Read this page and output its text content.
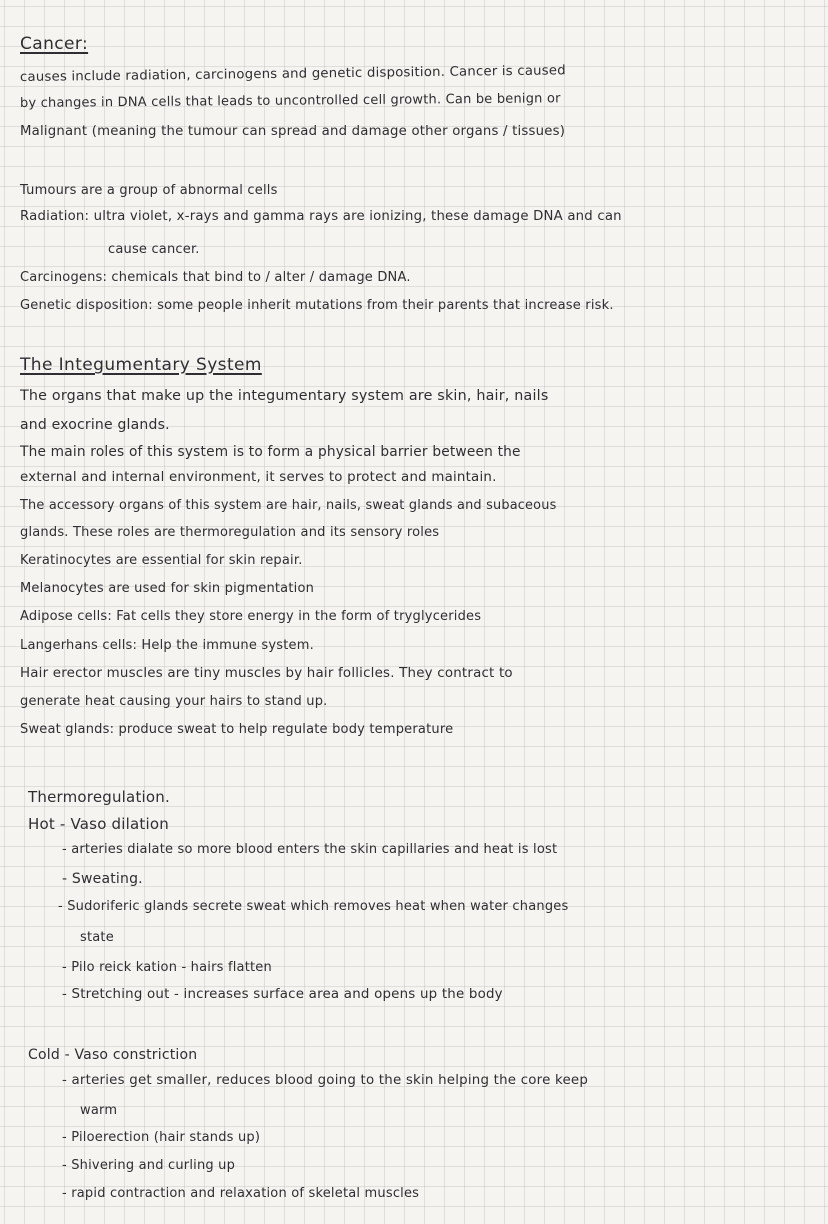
Cancer:
causes include radiation, carcinogens and genetic disposition. Cancer is caused
by changes in DNA cells that leads to uncontrolled cell growth. Can be benign or
Malignant (meaning the tumour can spread and damage other organs / tissues)
Tumours are a group of abnormal cells
Radiation: ultra violet, x-rays and gamma rays are ionizing, these damage DNA and can
cause cancer.
Carcinogens: chemicals that bind to / alter / damage DNA.
Genetic disposition: some people inherit mutations from their parents that increase risk.
The Integumentary System
The organs that make up the integumentary system are skin, hair, nails
and exocrine glands.
The main roles of this system is to form a physical barrier between the
external and internal environment, it serves to protect and maintain.
The accessory organs of this system are hair, nails, sweat glands and subaceous
glands. These roles are thermoregulation and its sensory roles
Keratinocytes are essential for skin repair.
Melanocytes are used for skin pigmentation
Adipose cells: Fat cells they store energy in the form of tryglycerides
Langerhans cells: Help the immune system.
Hair erector muscles are tiny muscles by hair follicles. They contract to
generate heat causing your hairs to stand up.
Sweat glands: produce sweat to help regulate body temperature
Thermoregulation.
Hot - Vaso dilation
- arteries dialate so more blood enters the skin capillaries and heat is lost
- Sweating.
- Sudoriferic glands secrete sweat which removes heat when water changes
state
- Pilo reick kation - hairs flatten
- Stretching out - increases surface area and opens up the body
Cold - Vaso constriction
- arteries get smaller, reduces blood going to the skin helping the core keep
warm
- Piloerection (hair stands up)
- Shivering and curling up
- rapid contraction and relaxation of skeletal muscles
